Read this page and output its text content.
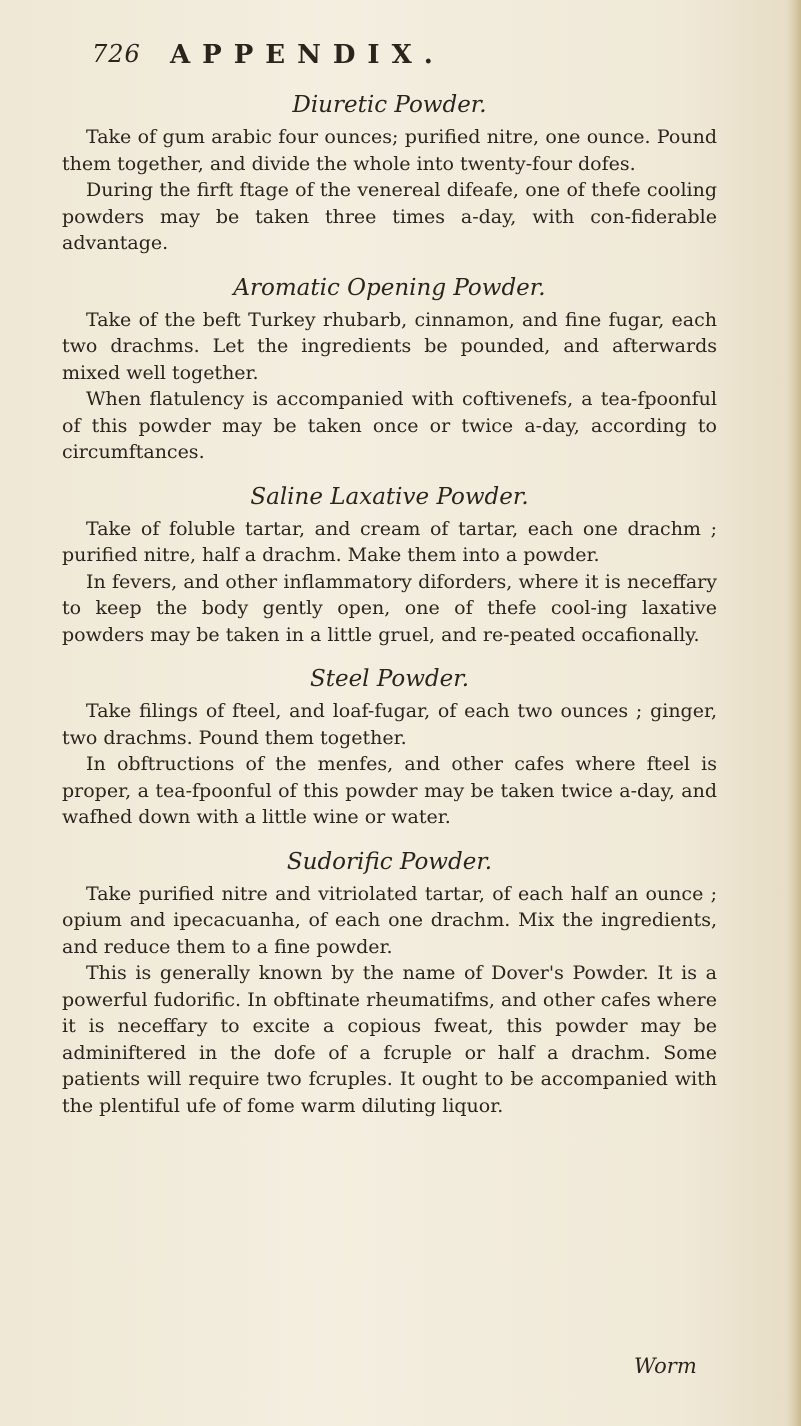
726 APPENDIX.
Diuretic Powder.

Take of gum arabic four ounces; purified nitre, one ounce. Pound them together, and divide the whole into twenty-four dofes.

During the firft ftage of the venereal difeafe, one of thefe cooling powders may be taken three times a-day, with con-fiderable advantage.

Aromatic Opening Powder.

Take of the beft Turkey rhubarb, cinnamon, and fine fugar, each two drachms. Let the ingredients be pounded, and afterwards mixed well together.

When flatulency is accompanied with coftivenefs, a tea-fpoonful of this powder may be taken once or twice a-day, according to circumftances.

Saline Laxative Powder.

Take of foluble tartar, and cream of tartar, each one drachm ; purified nitre, half a drachm. Make them into a powder.

In fevers, and other inflammatory diforders, where it is neceffary to keep the body gently open, one of thefe cool-ing laxative powders may be taken in a little gruel, and re-peated occafionally.

Steel Powder.

Take filings of fteel, and loaf-fugar, of each two ounces ; ginger, two drachms. Pound them together.

In obftructions of the menfes, and other cafes where fteel is proper, a tea-fpoonful of this powder may be taken twice a-day, and wafhed down with a little wine or water.

Sudorific Powder.

Take purified nitre and vitriolated tartar, of each half an ounce ; opium and ipecacuanha, of each one drachm. Mix the ingredients, and reduce them to a fine powder.

This is generally known by the name of Dover's Powder. It is a powerful fudorific. In obftinate rheumatifms, and other cafes where it is neceffary to excite a copious fweat, this powder may be adminiftered in the dofe of a fcruple or half a drachm. Some patients will require two fcruples. It ought to be accompanied with the plentiful ufe of fome warm diluting liquor.

Worm
